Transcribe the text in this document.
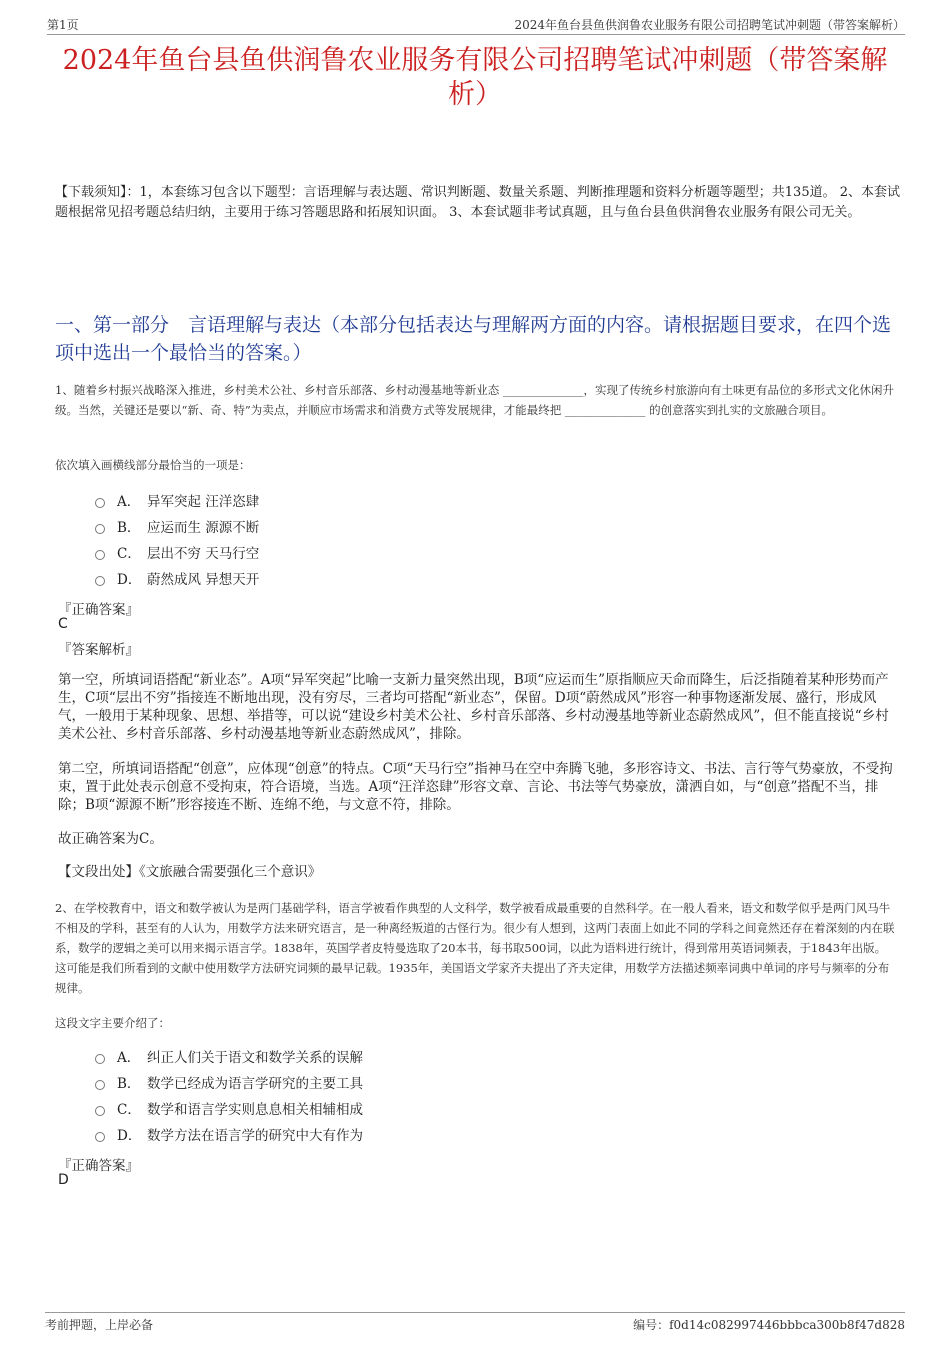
第1页	2024年鱼台县鱼供润鲁农业服务有限公司招聘笔试冲刺题（带答案解析）
2024年鱼台县鱼供润鲁农业服务有限公司招聘笔试冲刺题（带答案解析）
【下载须知】：1，本套练习包含以下题型：言语理解与表达题、常识判断题、数量关系题、判断推理题和资料分析题等题型；共135道。 2、本套试题根据常见招考题总结归纳，主要用于练习答题思路和拓展知识面。 3、本套试题非考试真题，且与鱼台县鱼供润鲁农业服务有限公司无关。
一、第一部分　言语理解与表达（本部分包括表达与理解两方面的内容。请根据题目要求，在四个选项中选出一个最恰当的答案。）
1、随着乡村振兴战略深入推进，乡村美术公社、乡村音乐部落、乡村动漫基地等新业态 ______________，实现了传统乡村旅游向有土味更有品位的多形式文化休闲升级。当然，关键还是要以“新、奇、特”为卖点，并顺应市场需求和消费方式等发展规律，才能最终把 ______________ 的创意落实到扎实的文旅融合项目。
依次填入画横线部分最恰当的一项是：
A． 异军突起 汪洋恣肆
B． 应运而生 源源不断
C． 层出不穷 天马行空
D． 蔚然成风 异想天开
『正确答案』
C
『答案解析』
第一空，所填词语搭配“新业态”。A项“异军突起”比喻一支新力量突然出现，B项“应运而生”原指顺应天命而降生，后泛指随着某种形势而产生，C项“层出不穷”指接连不断地出现，没有穷尽，三者均可搭配“新业态”，保留。D项“蔚然成风”形容一种事物逐渐发展、盛行，形成风气，一般用于某种现象、思想、举措等，可以说“建设乡村美术公社、乡村音乐部落、乡村动漫基地等新业态蔚然成风”，但不能直接说“乡村美术公社、乡村音乐部落、乡村动漫基地等新业态蔚然成风”，排除。
第二空，所填词语搭配“创意”，应体现“创意”的特点。C项“天马行空”指神马在空中奔腾飞驰，多形容诗文、书法、言行等气势豪放，不受拘束，置于此处表示创意不受拘束，符合语境，当选。A项“汪洋恣肆”形容文章、言论、书法等气势豪放，潇洒自如，与“创意”搭配不当，排除；B项“源源不断”形容接连不断、连绵不绝，与文意不符，排除。
故正确答案为C。
【文段出处】《文旅融合需要强化三个意识》
2、在学校教育中，语文和数学被认为是两门基础学科，语言学被看作典型的人文科学，数学被看成最重要的自然科学。在一般人看来，语文和数学似乎是两门风马牛不相及的学科，甚至有的人认为，用数学方法来研究语言，是一种离经叛道的古怪行为。很少有人想到，这两门表面上如此不同的学科之间竟然还存在着深刻的内在联系，数学的逻辑之美可以用来揭示语言学。1838年，英国学者皮特曼选取了20本书，每书取500词，以此为语料进行统计，得到常用英语词频表，于1843年出版。这可能是我们所看到的文献中使用数学方法研究词频的最早记载。1935年，美国语文学家齐夫提出了齐夫定律，用数学方法描述频率词典中单词的序号与频率的分布规律。
这段文字主要介绍了：
A． 纠正人们关于语文和数学关系的误解
B． 数学已经成为语言学研究的主要工具
C． 数学和语言学实则息息相关相辅相成
D． 数学方法在语言学的研究中大有作为
『正确答案』
D
考前押题，上岸必备	编号：f0d14c082997446bbbca300b8f47d828
